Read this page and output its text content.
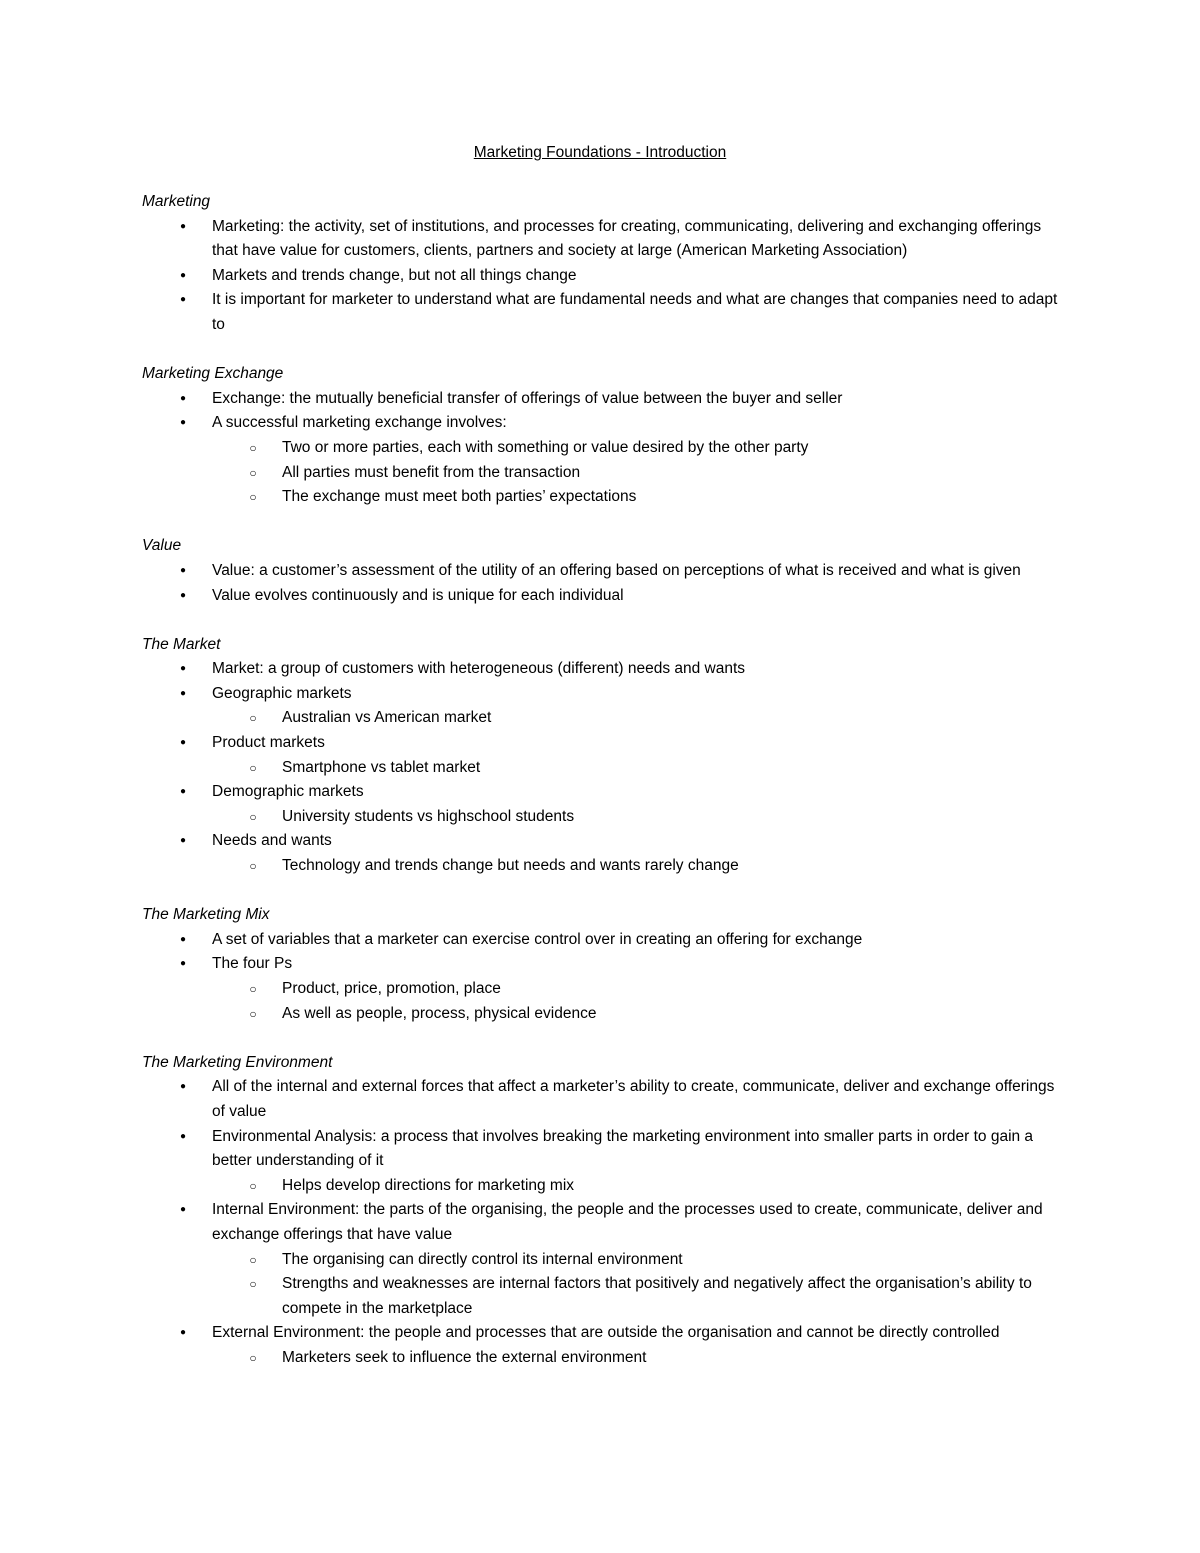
Marketing Foundations - Introduction
Marketing
● Marketing: the activity, set of institutions, and processes for creating, communicating, delivering and exchanging offerings that have value for customers, clients, partners and society at large (American Marketing Association)
● Markets and trends change, but not all things change
● It is important for marketer to understand what are fundamental needs and what are changes that companies need to adapt to
Marketing Exchange
● Exchange: the mutually beneficial transfer of offerings of value between the buyer and seller
● A successful marketing exchange involves:
○ Two or more parties, each with something or value desired by the other party
○ All parties must benefit from the transaction
○ The exchange must meet both parties’ expectations
Value
● Value: a customer’s assessment of the utility of an offering based on perceptions of what is received and what is given
● Value evolves continuously and is unique for each individual
The Market
● Market: a group of customers with heterogeneous (different) needs and wants
● Geographic markets
○ Australian vs American market
● Product markets
○ Smartphone vs tablet market
● Demographic markets
○ University students vs highschool students
● Needs and wants
○ Technology and trends change but needs and wants rarely change
The Marketing Mix
● A set of variables that a marketer can exercise control over in creating an offering for exchange
● The four Ps
○ Product, price, promotion, place
○ As well as people, process, physical evidence
The Marketing Environment
● All of the internal and external forces that affect a marketer’s ability to create, communicate, deliver and exchange offerings of value
● Environmental Analysis: a process that involves breaking the marketing environment into smaller parts in order to gain a better understanding of it
○ Helps develop directions for marketing mix
● Internal Environment: the parts of the organising, the people and the processes used to create, communicate, deliver and exchange offerings that have value
○ The organising can directly control its internal environment
○ Strengths and weaknesses are internal factors that positively and negatively affect the organisation’s ability to compete in the marketplace
● External Environment: the people and processes that are outside the organisation and cannot be directly controlled
○ Marketers seek to influence the external environment
